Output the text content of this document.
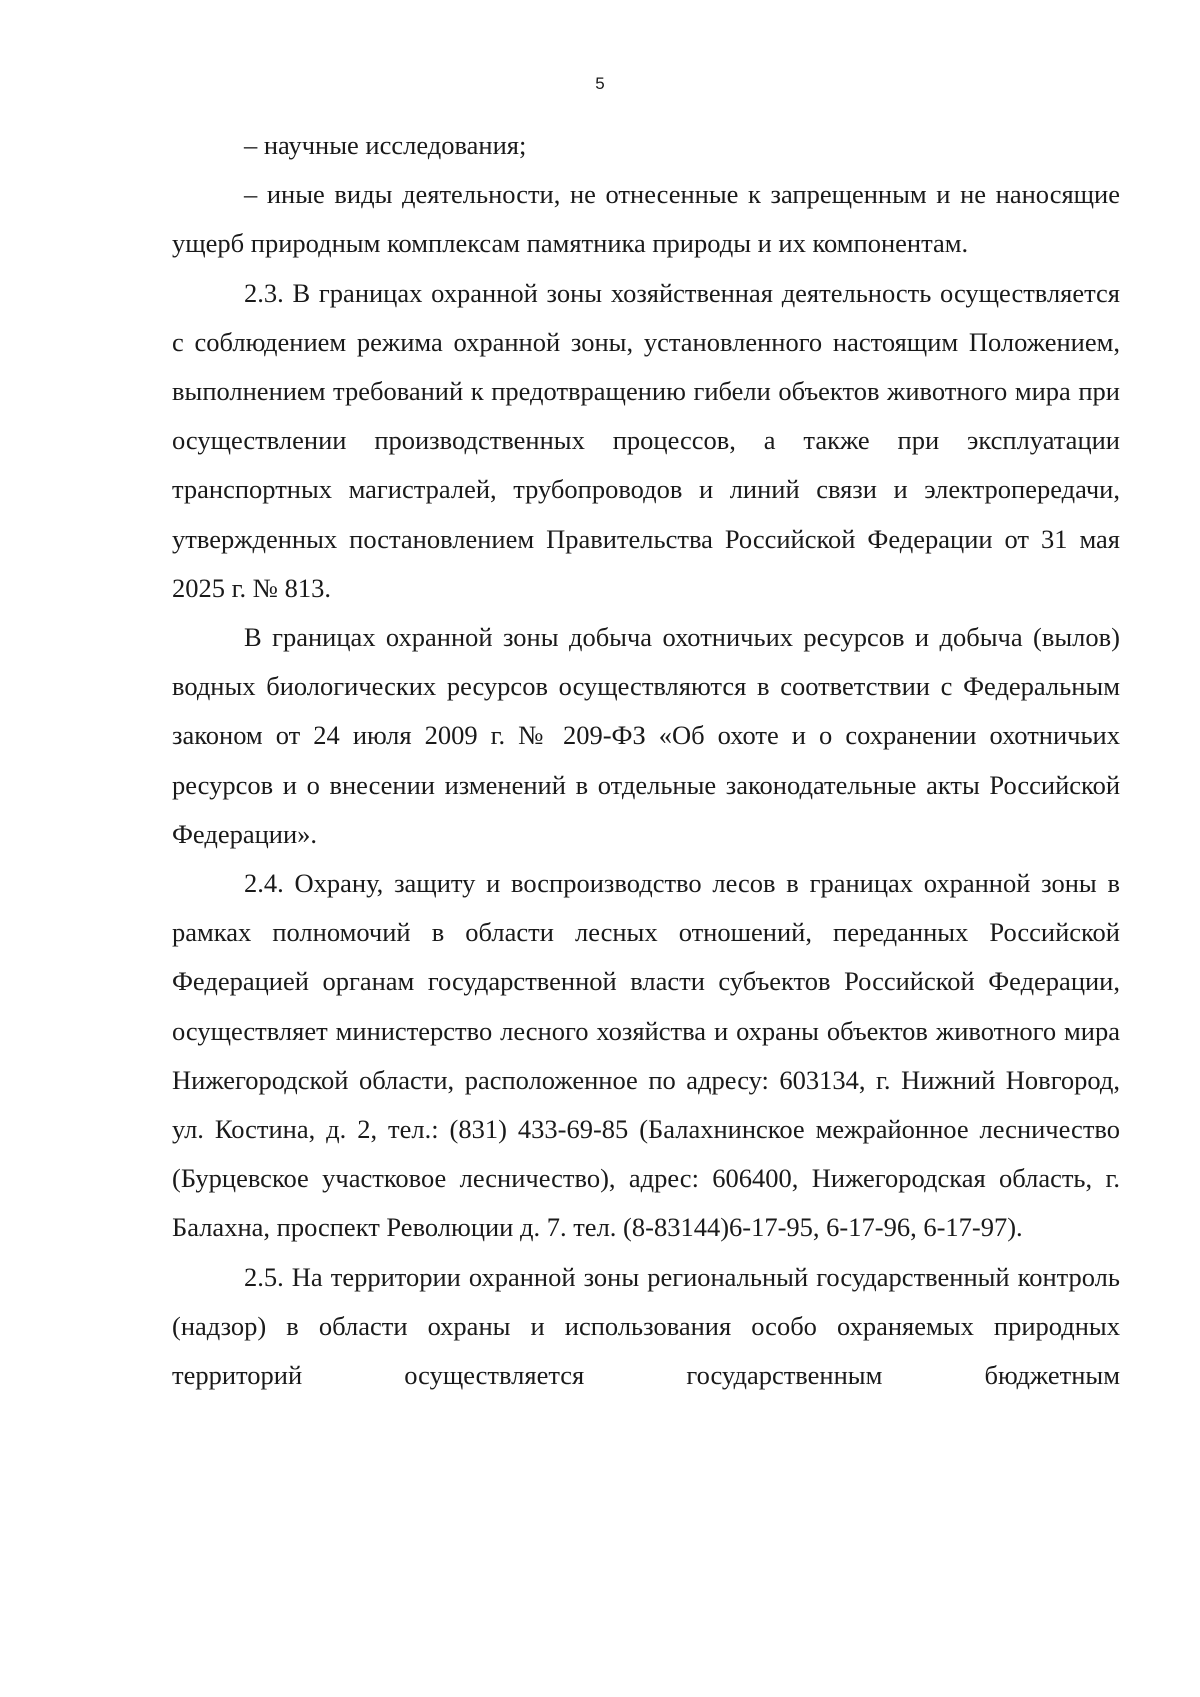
5

– научные исследования;

– иные виды деятельности, не отнесенные к запрещенным и не наносящие ущерб природным комплексам памятника природы и их компонентам.

2.3. В границах охранной зоны хозяйственная деятельность осуществляется с соблюдением режима охранной зоны, установленного настоящим Положением, выполнением требований к предотвращению гибели объектов животного мира при осуществлении производственных процессов, а также при эксплуатации транспортных магистралей, трубопроводов и линий связи и электропередачи, утвержденных постановлением Правительства Российской Федерации от 31 мая 2025 г. № 813.

В границах охранной зоны добыча охотничьих ресурсов и добыча (вылов) водных биологических ресурсов осуществляются в соответствии с Федеральным законом от 24 июля 2009 г. № 209-ФЗ «Об охоте и о сохранении охотничьих ресурсов и о внесении изменений в отдельные законодательные акты Российской Федерации».

2.4. Охрану, защиту и воспроизводство лесов в границах охранной зоны в рамках полномочий в области лесных отношений, переданных Российской Федерацией органам государственной власти субъектов Российской Федерации, осуществляет министерство лесного хозяйства и охраны объектов животного мира Нижегородской области, расположенное по адресу: 603134, г. Нижний Новгород, ул. Костина, д. 2, тел.: (831) 433-69-85 (Балахнинское межрайонное лесничество (Бурцевское участковое лесничество), адрес: 606400, Нижегородская область, г. Балахна, проспект Революции д. 7. тел. (8-83144)6-17-95, 6-17-96, 6-17-97).

2.5. На территории охранной зоны региональный государственный контроль (надзор) в области охраны и использования особо охраняемых природных территорий осуществляется государственным бюджетным
